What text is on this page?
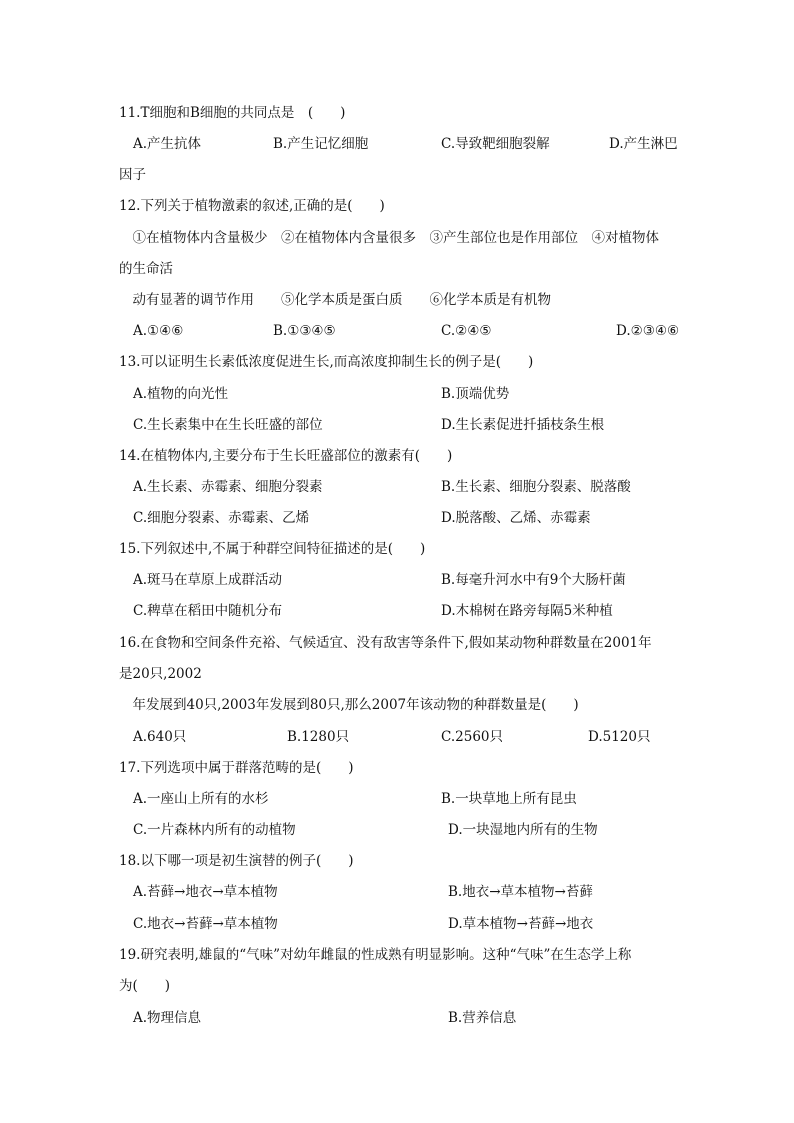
11.T细胞和B细胞的共同点是　(　　)
A.产生抗体	B.产生记忆细胞	C.导致靶细胞裂解	D.产生淋巴
因子
12.下列关于植物激素的叙述,正确的是(　　)
　①在植物体内含量极少　②在植物体内含量很多　③产生部位也是作用部位　④对植物体
的生命活
　动有显著的调节作用　　⑤化学本质是蛋白质　　⑥化学本质是有机物
A.①④⑥	B.①③④⑤	C.②④⑤	D.②③④⑥
13.可以证明生长素低浓度促进生长,而高浓度抑制生长的例子是(　　)
A.植物的向光性	B.顶端优势
C.生长素集中在生长旺盛的部位	D.生长素促进扦插枝条生根
14.在植物体内,主要分布于生长旺盛部位的激素有(　　)
A.生长素、赤霉素、细胞分裂素	B.生长素、细胞分裂素、脱落酸
C.细胞分裂素、赤霉素、乙烯	D.脱落酸、乙烯、赤霉素
15.下列叙述中,不属于种群空间特征描述的是(　　)
A.斑马在草原上成群活动	B.每毫升河水中有9个大肠杆菌
C.稗草在稻田中随机分布	D.木棉树在路旁每隔5米种植
16.在食物和空间条件充裕、气候适宜、没有敌害等条件下,假如某动物种群数量在2001年
是20只,2002
　年发展到40只,2003年发展到80只,那么2007年该动物的种群数量是(　　)
A.640只	B.1280只	C.2560只	D.5120只
17.下列选项中属于群落范畴的是(　　)
A.一座山上所有的水杉	B.一块草地上所有昆虫
C.一片森林内所有的动植物	D.一块湿地内所有的生物
18.以下哪一项是初生演替的例子(　　)
A.苔藓→地衣→草本植物	B.地衣→草本植物→苔藓
C.地衣→苔藓→草本植物	D.草本植物→苔藓→地衣
19.研究表明,雄鼠的“气味”对幼年雌鼠的性成熟有明显影响。这种“气味”在生态学上称
为(　　)
A.物理信息	B.营养信息
